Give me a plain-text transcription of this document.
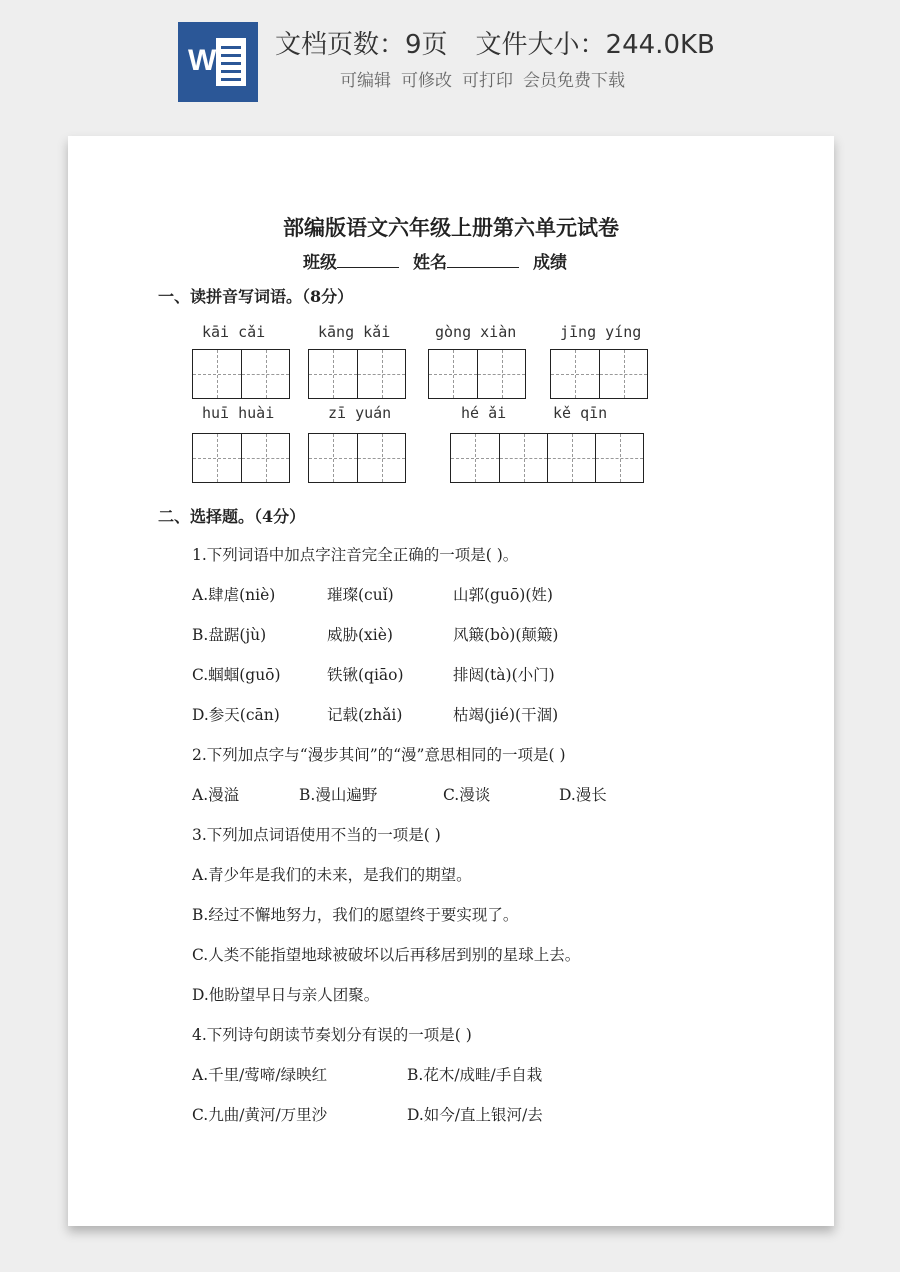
W 文档页数：9页 文件大小：244.0KB
可编辑 可修改 可打印 会员免费下载
部编版语文六年级上册第六单元试卷
班级	姓名	成绩
一、读拼音写词语。（8分）
kāi cǎi	kāng kǎi	gòng xiàn	jīng yíng
huī huài	zī yuán	hé ǎi	kě qīn
二、选择题。（4分）
1.下列词语中加点字注音完全正确的一项是( )。
A.肆虐(niè)	璀璨(cuǐ)	山郭(guō)(姓)
B.盘踞(jù)	威胁(xiè)	风簸(bò)(颠簸)
C.蝈蝈(guō)	铁锹(qiāo)	排闼(tà)(小门)
D.参天(cān)	记载(zhǎi)	枯竭(jié)(干涸)
2.下列加点字与“漫步其间”的“漫”意思相同的一项是( )
A.漫溢	B.漫山遍野	C.漫谈	D.漫长
3.下列加点词语使用不当的一项是( )
A.青少年是我们的未来，是我们的期望。
B.经过不懈地努力，我们的愿望终于要实现了。
C.人类不能指望地球被破坏以后再移居到别的星球上去。
D.他盼望早日与亲人团聚。
4.下列诗句朗读节奏划分有误的一项是( )
A.千里/莺啼/绿映红	B.花木/成畦/手自栽
C.九曲/黄河/万里沙	D.如今/直上银河/去
